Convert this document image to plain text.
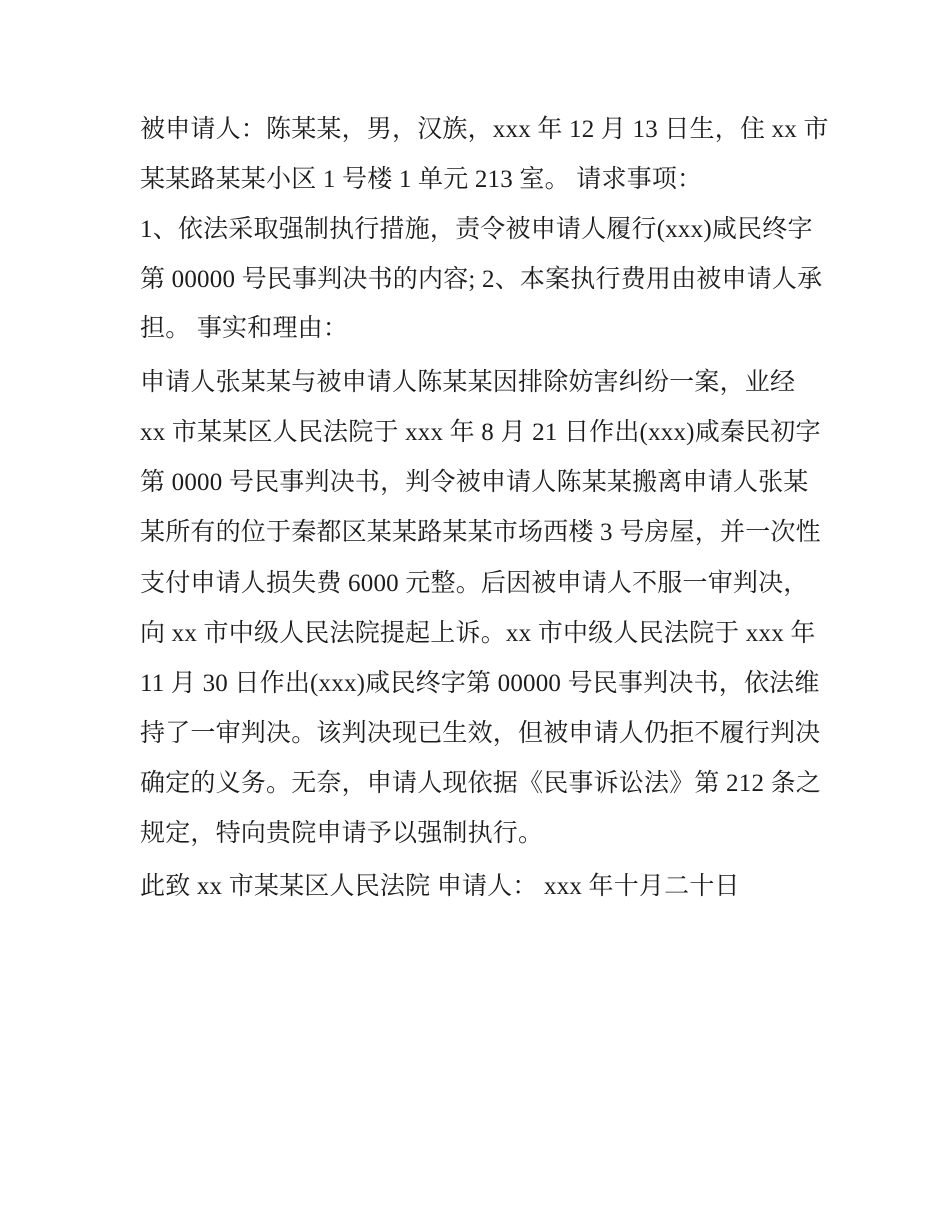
被申请人：陈某某，男，汉族，xxx 年 12 月 13 日生，住 xx 市
某某路某某小区 1 号楼 1 单元 213 室。 请求事项：
1、依法采取强制执行措施，责令被申请人履行(xxx)咸民终字
第 00000 号民事判决书的内容; 2、本案执行费用由被申请人承
担。 事实和理由：
申请人张某某与被申请人陈某某因排除妨害纠纷一案，业经
xx 市某某区人民法院于 xxx 年 8 月 21 日作出(xxx)咸秦民初字
第 0000 号民事判决书，判令被申请人陈某某搬离申请人张某
某所有的位于秦都区某某路某某市场西楼 3 号房屋，并一次性
支付申请人损失费 6000 元整。后因被申请人不服一审判决，
向 xx 市中级人民法院提起上诉。xx 市中级人民法院于 xxx 年
11 月 30 日作出(xxx)咸民终字第 00000 号民事判决书，依法维
持了一审判决。该判决现已生效，但被申请人仍拒不履行判决
确定的义务。无奈，申请人现依据《民事诉讼法》第 212 条之
规定，特向贵院申请予以强制执行。
此致 xx 市某某区人民法院 申请人： xxx 年十月二十日
